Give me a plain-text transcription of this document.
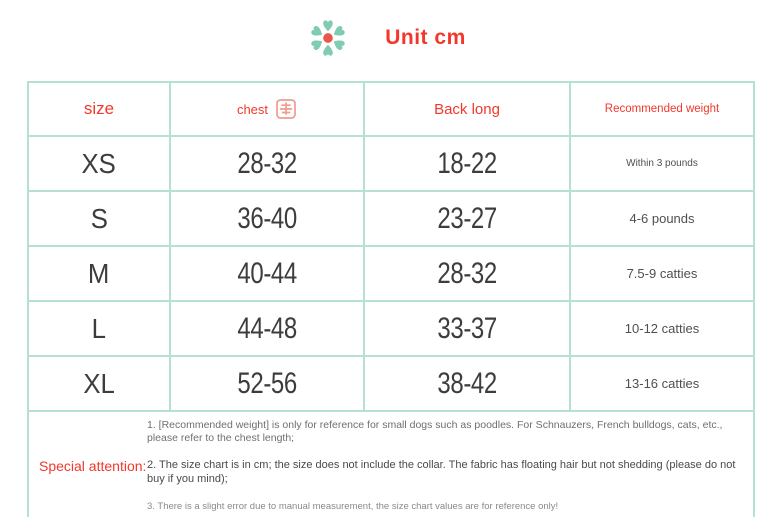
Unit cm
size	chest	Back long	Recommended weight
XS	28-32	18-22	Within 3 pounds
S	36-40	23-27	4-6 pounds
M	40-44	28-32	7.5-9 catties
L	44-48	33-37	10-12 catties
XL	52-56	38-42	13-16 catties
Special attention:

1. [Recommended weight] is only for reference for small dogs such as poodles. For Schnauzers, French bulldogs, cats, etc., please refer to the chest length;

2. The size chart is in cm; the size does not include the collar. The fabric has floating hair but not shedding (please do not buy if you mind);

3. There is a slight error due to manual measurement, the size chart values are for reference only!
